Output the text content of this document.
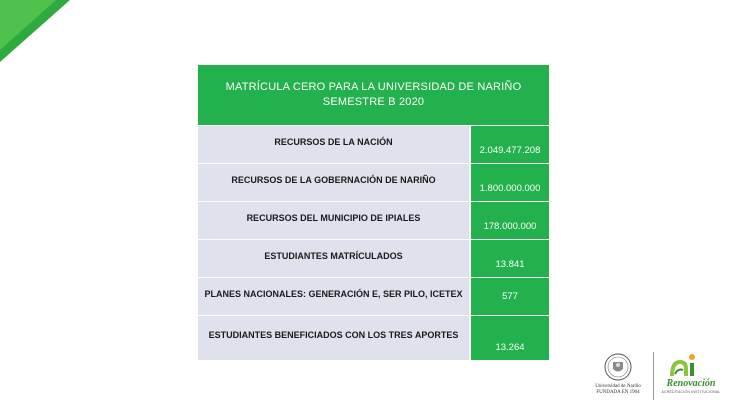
MATRÍCULA CERO PARA LA UNIVERSIDAD DE NARIÑO
SEMESTRE B 2020
RECURSOS DE LA NACIÓN
2.049.477.208
RECURSOS DE LA GOBERNACIÓN DE NARIÑO
1.800.000.000
RECURSOS DEL MUNICIPIO DE IPIALES
178.000.000
ESTUDIANTES MATRÍCULADOS
13.841
PLANES NACIONALES: GENERACIÓN E, SER PILO, ICETEX	577
ESTUDIANTES BENEFICIADOS CON LOS TRES APORTES
13.264
Universidad de Nariño
FUNDADA EN 1904
Renovación
ACREDITACIÓN INSTITUCIONAL
